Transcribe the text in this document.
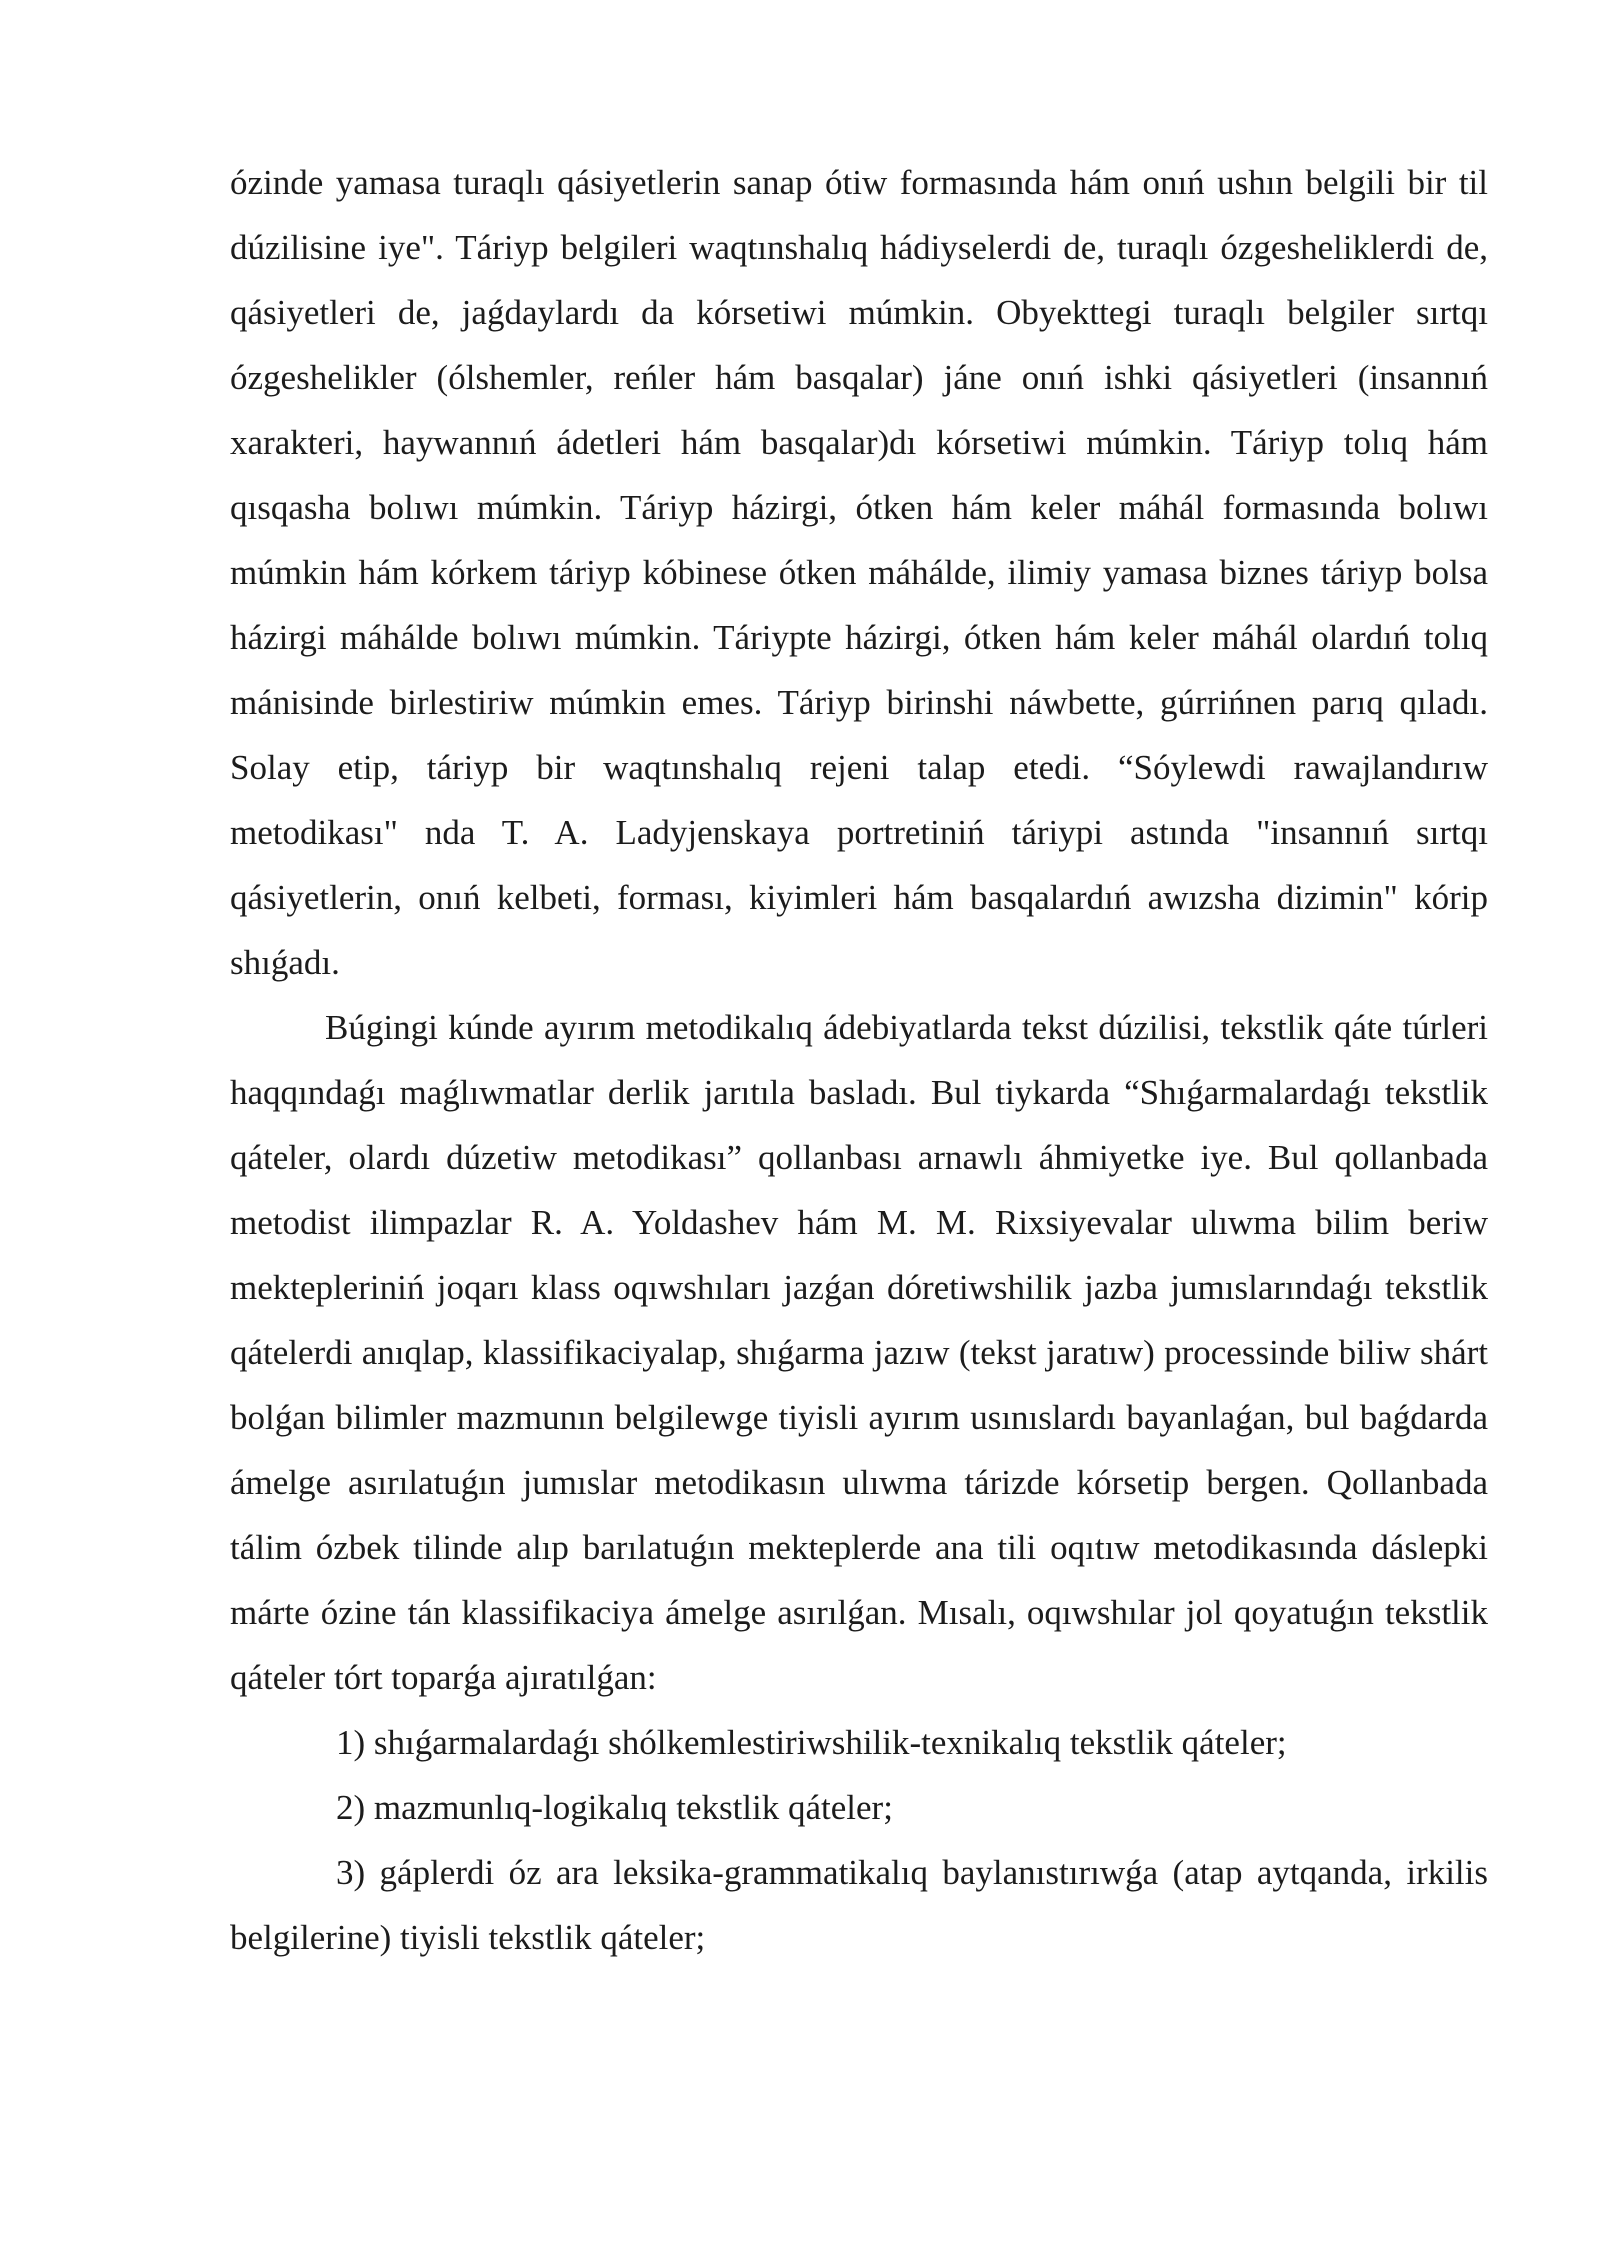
ózinde yamasa turaqlı qásiyetlerin sanap ótiw formasında hám onıń ushın belgili bir til dúzilisine iye". Táriyp belgileri waqtınshalıq hádiyselerdi de, turaqlı ózgesheliklerdi de, qásiyetleri de, jaǵdaylardı da kórsetiwi múmkin. Obyekttegi turaqlı belgiler sırtqı ózgeshelikler (ólshemler, reńler hám basqalar) jáne onıń ishki qásiyetleri (insannıń xarakteri, haywannıń ádetleri hám basqalar)dı kórsetiwi múmkin. Táriyp tolıq hám qısqasha bolıwı múmkin. Táriyp házirgi, ótken hám keler máhál formasında bolıwı múmkin hám kórkem táriyp kóbinese ótken máhálde, ilimiy yamasa biznes táriyp bolsa házirgi máhálde bolıwı múmkin. Táriypte házirgi, ótken hám keler máhál olardıń tolıq mánisinde birlestiriw múmkin emes. Táriyp birinshi náwbette, gúrrińnen parıq qıladı. Solay etip, táriyp bir waqtınshalıq rejeni talap etedi. “Sóylewdi rawajlandırıw metodikası" nda T. A. Ladyjenskaya portretiniń táriypi astında "insannıń sırtqı qásiyetlerin, onıń kelbeti, forması, kiyimleri hám basqalardıń awızsha dizimin" kórip shıǵadı.

Búgingi kúnde ayırım metodikalıq ádebiyatlarda tekst dúzilisi, tekstlik qáte túrleri haqqındaǵı maǵlıwmatlar derlik jarıtıla basladı. Bul tiykarda “Shıǵarmalardaǵı tekstlik qáteler, olardı dúzetiw metodikası” qollanbası arnawlı áhmiyetke iye. Bul qollanbada metodist ilimpazlar R. A. Yoldashev hám M. M. Rixsiyevalar ulıwma bilim beriw mektepleriniń joqarı klass oqıwshıları jazǵan dóretiwshilik jazba jumıslarındaǵı tekstlik qátelerdi anıqlap, klassifikaciyalap, shıǵarma jazıw (tekst jaratıw) processinde biliw shárt bolǵan bilimler mazmunın belgilewge tiyisli ayırım usınıslardı bayanlaǵan, bul baǵdarda ámelge asırılatuǵın jumıslar metodikasın ulıwma tárizde kórsetip bergen. Qollanbada tálim ózbek tilinde alıp barılatuǵın mekteplerde ana tili oqıtıw metodikasında dáslepki márte ózine tán klassifikaciya ámelge asırılǵan. Mısalı, oqıwshılar jol qoyatuǵın tekstlik qáteler tórt toparǵa ajıratılǵan:

1) shıǵarmalardaǵı shólkemlestiriwshilik-texnikalıq tekstlik qáteler;

2) mazmunlıq-logikalıq tekstlik qáteler;

3) gáplerdi óz ara leksika-grammatikalıq baylanıstırıwǵa (atap aytqanda, irkilis belgilerine) tiyisli tekstlik qáteler;
